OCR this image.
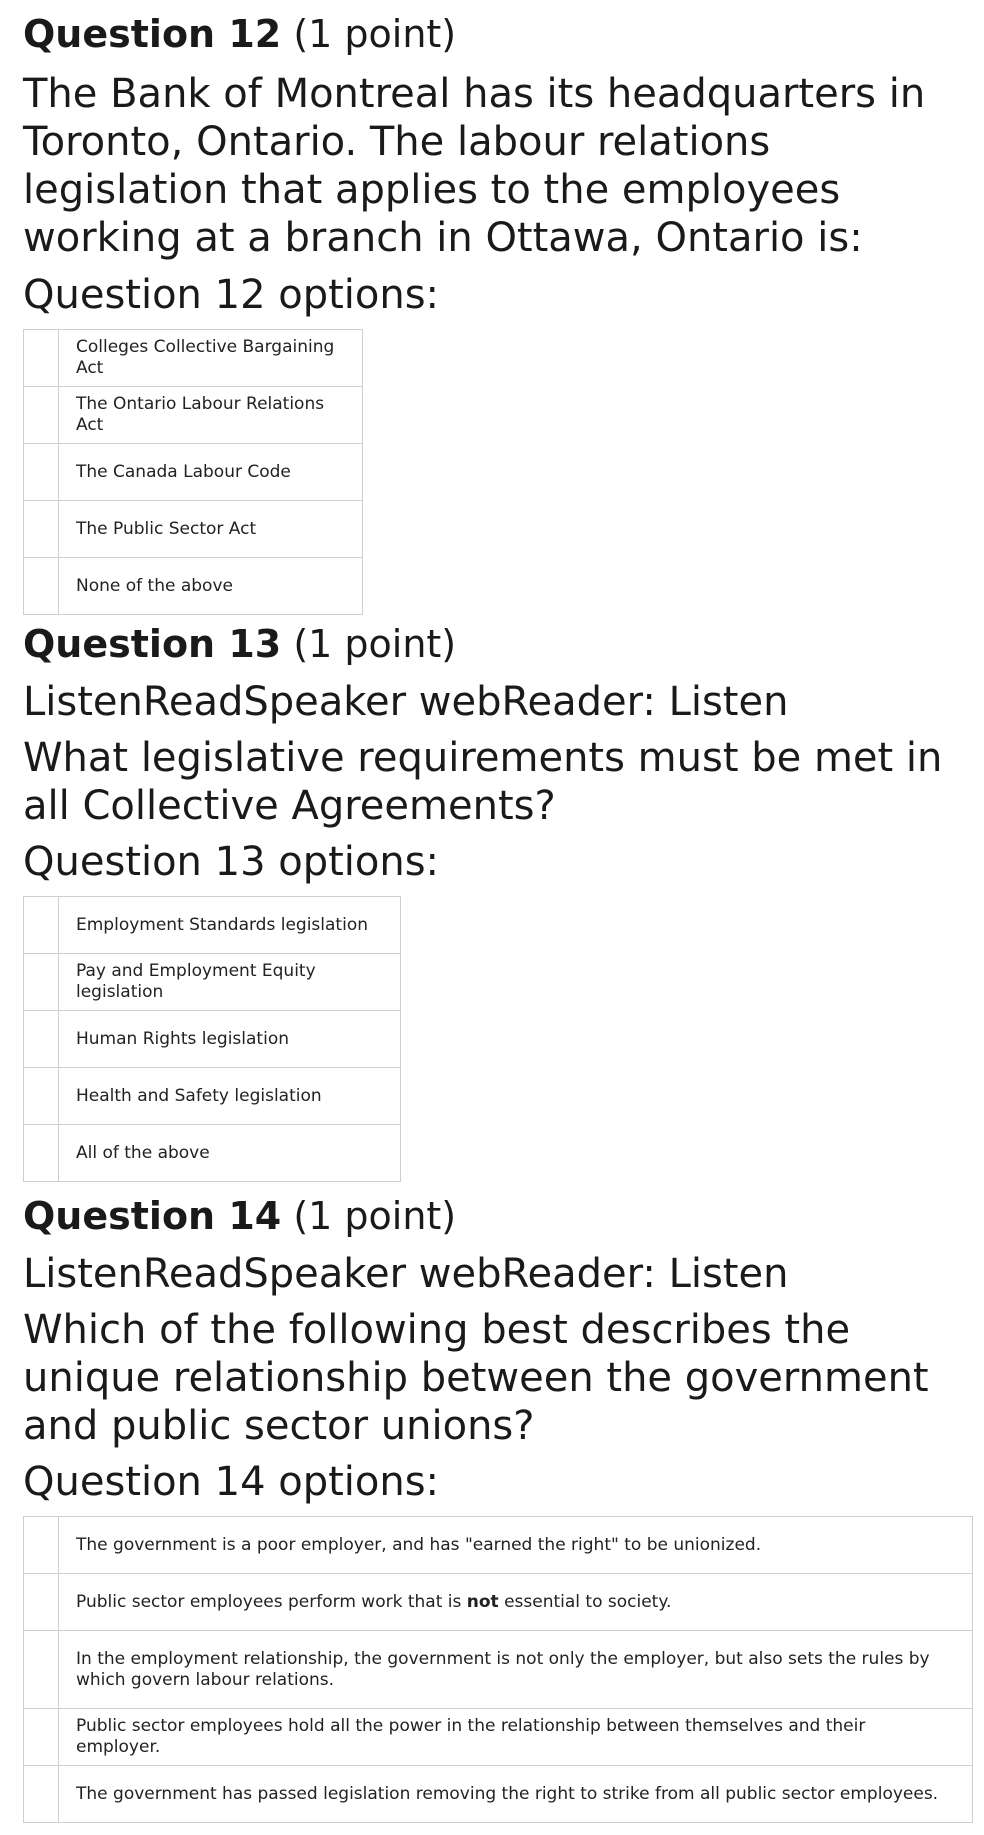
Question 12 (1 point)

The Bank of Montreal has its headquarters in Toronto, Ontario. The labour relations legislation that applies to the employees working at a branch in Ottawa, Ontario is:

Question 12 options:

	Colleges Collective Bargaining Act
	The Ontario Labour Relations Act
	The Canada Labour Code
	The Public Sector Act
	None of the above
Question 13 (1 point)

ListenReadSpeaker webReader: Listen

What legislative requirements must be met in all Collective Agreements?

Question 13 options:

	Employment Standards legislation
	Pay and Employment Equity legislation
	Human Rights legislation
	Health and Safety legislation
	All of the above
Question 14 (1 point)

ListenReadSpeaker webReader: Listen

Which of the following best describes the unique relationship between the government and public sector unions?

Question 14 options:

	The government is a poor employer, and has "earned the right" to be unionized.
	Public sector employees perform work that is not essential to society.
	In the employment relationship, the government is not only the employer, but also sets the rules by which govern labour relations.
	Public sector employees hold all the power in the relationship between themselves and their employer.
	The government has passed legislation removing the right to strike from all public sector employees.
